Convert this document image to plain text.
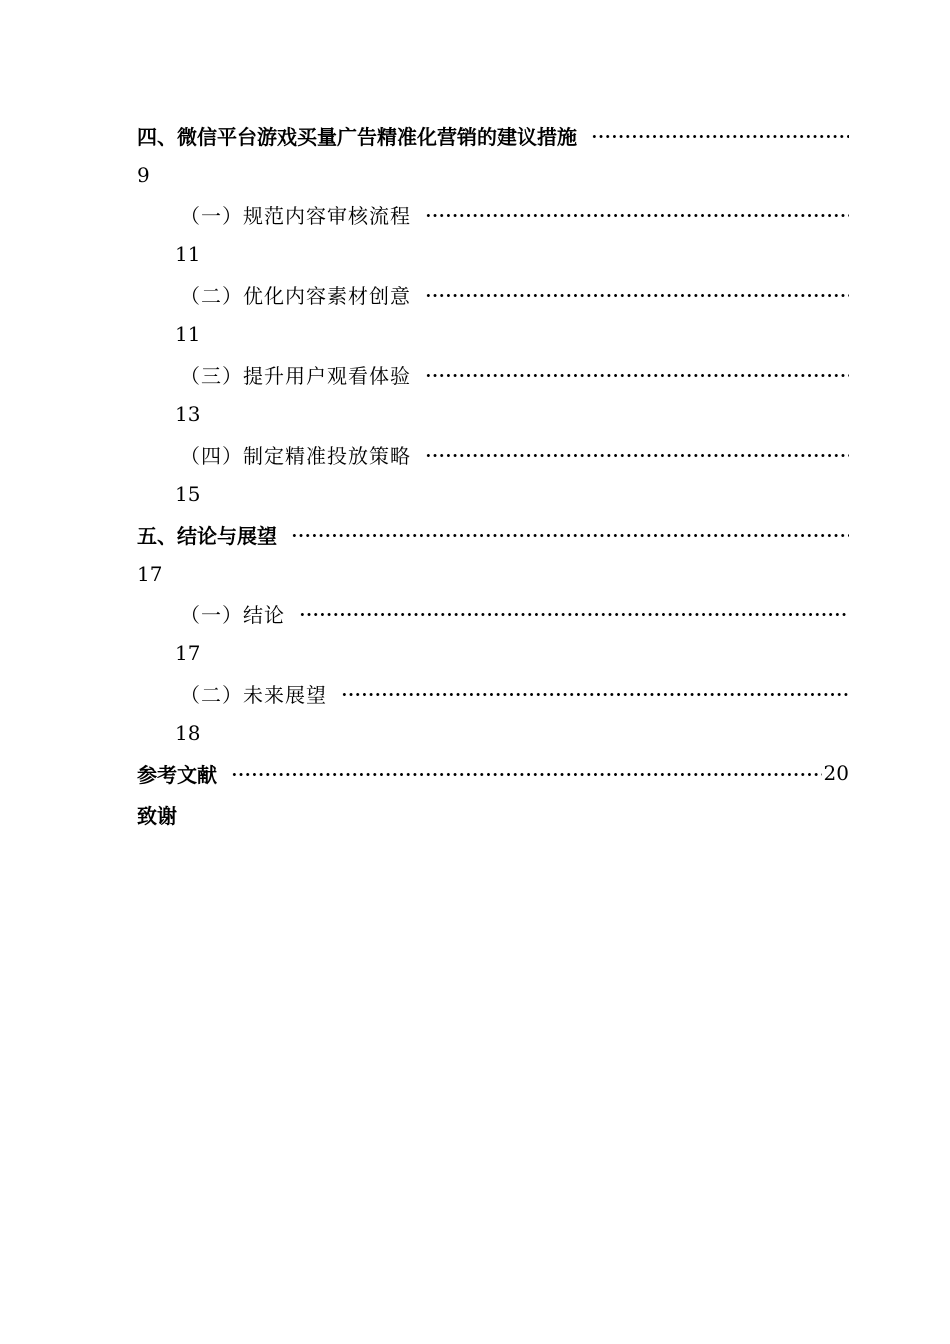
四、微信平台游戏买量广告精准化营销的建议措施
9
（一）规范内容审核流程
11
（二）优化内容素材创意
11
（三）提升用户观看体验
13
（四）制定精准投放策略
15
五、结论与展望
17
（一）结论
17
（二）未来展望
18
参考文献	20
致谢
